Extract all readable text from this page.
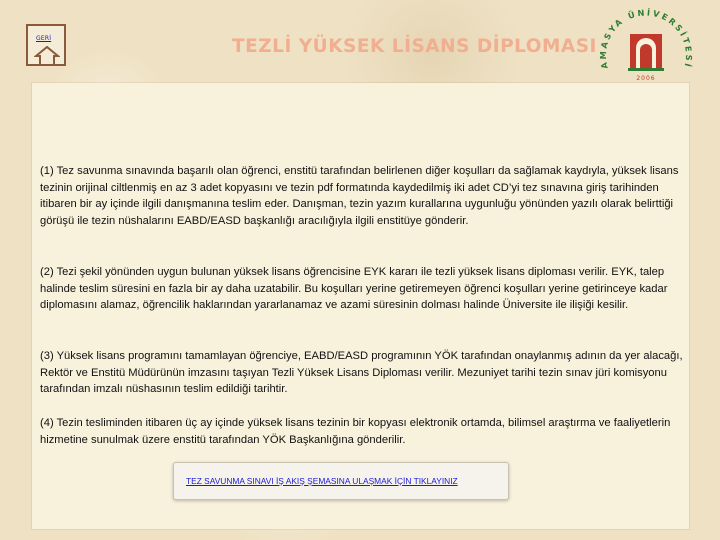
GERİ	TEZLİ YÜKSEK LİSANS DİPLOMASI
AMASYA ÜNİVERSİTESİ
2006

(1) Tez savunma sınavında başarılı olan öğrenci, enstitü tarafından belirlenen diğer koşulları da sağlamak kaydıyla, yüksek lisans tezinin orijinal ciltlenmiş en az 3 adet kopyasını ve tezin pdf formatında kaydedilmiş iki adet CD’yi tez sınavına giriş tarihinden itibaren bir ay içinde ilgili danışmanına teslim eder. Danışman, tezin yazım kurallarına uygunluğu yönünden yazılı olarak belirttiği görüşü ile tezin nüshalarını EABD/EASD başkanlığı aracılığıyla ilgili enstitüye gönderir.

(2) Tezi şekil yönünden uygun bulunan yüksek lisans öğrencisine EYK kararı ile tezli yüksek lisans diploması verilir. EYK, talep halinde teslim süresini en fazla bir ay daha uzatabilir. Bu koşulları yerine getiremeyen öğrenci koşulları yerine getirinceye kadar diplomasını alamaz, öğrencilik haklarından yararlanamaz ve azami süresinin dolması halinde Üniversite ile ilişiği kesilir.

(3) Yüksek lisans programını tamamlayan öğrenciye, EABD/EASD programının YÖK tarafından onaylanmış adının da yer alacağı, Rektör ve Enstitü Müdürünün imzasını taşıyan Tezli Yüksek Lisans Diploması verilir. Mezuniyet tarihi tezin sınav jüri komisyonu tarafından imzalı nüshasının teslim edildiği tarihtir.

(4) Tezin tesliminden itibaren üç ay içinde yüksek lisans tezinin bir kopyası elektronik ortamda, bilimsel araştırma ve faaliyetlerin hizmetine sunulmak üzere enstitü tarafından YÖK Başkanlığına gönderilir.

TEZ SAVUNMA SINAVI İŞ AKIŞ ŞEMASINA ULAŞMAK İÇİN TIKLAYINIZ
